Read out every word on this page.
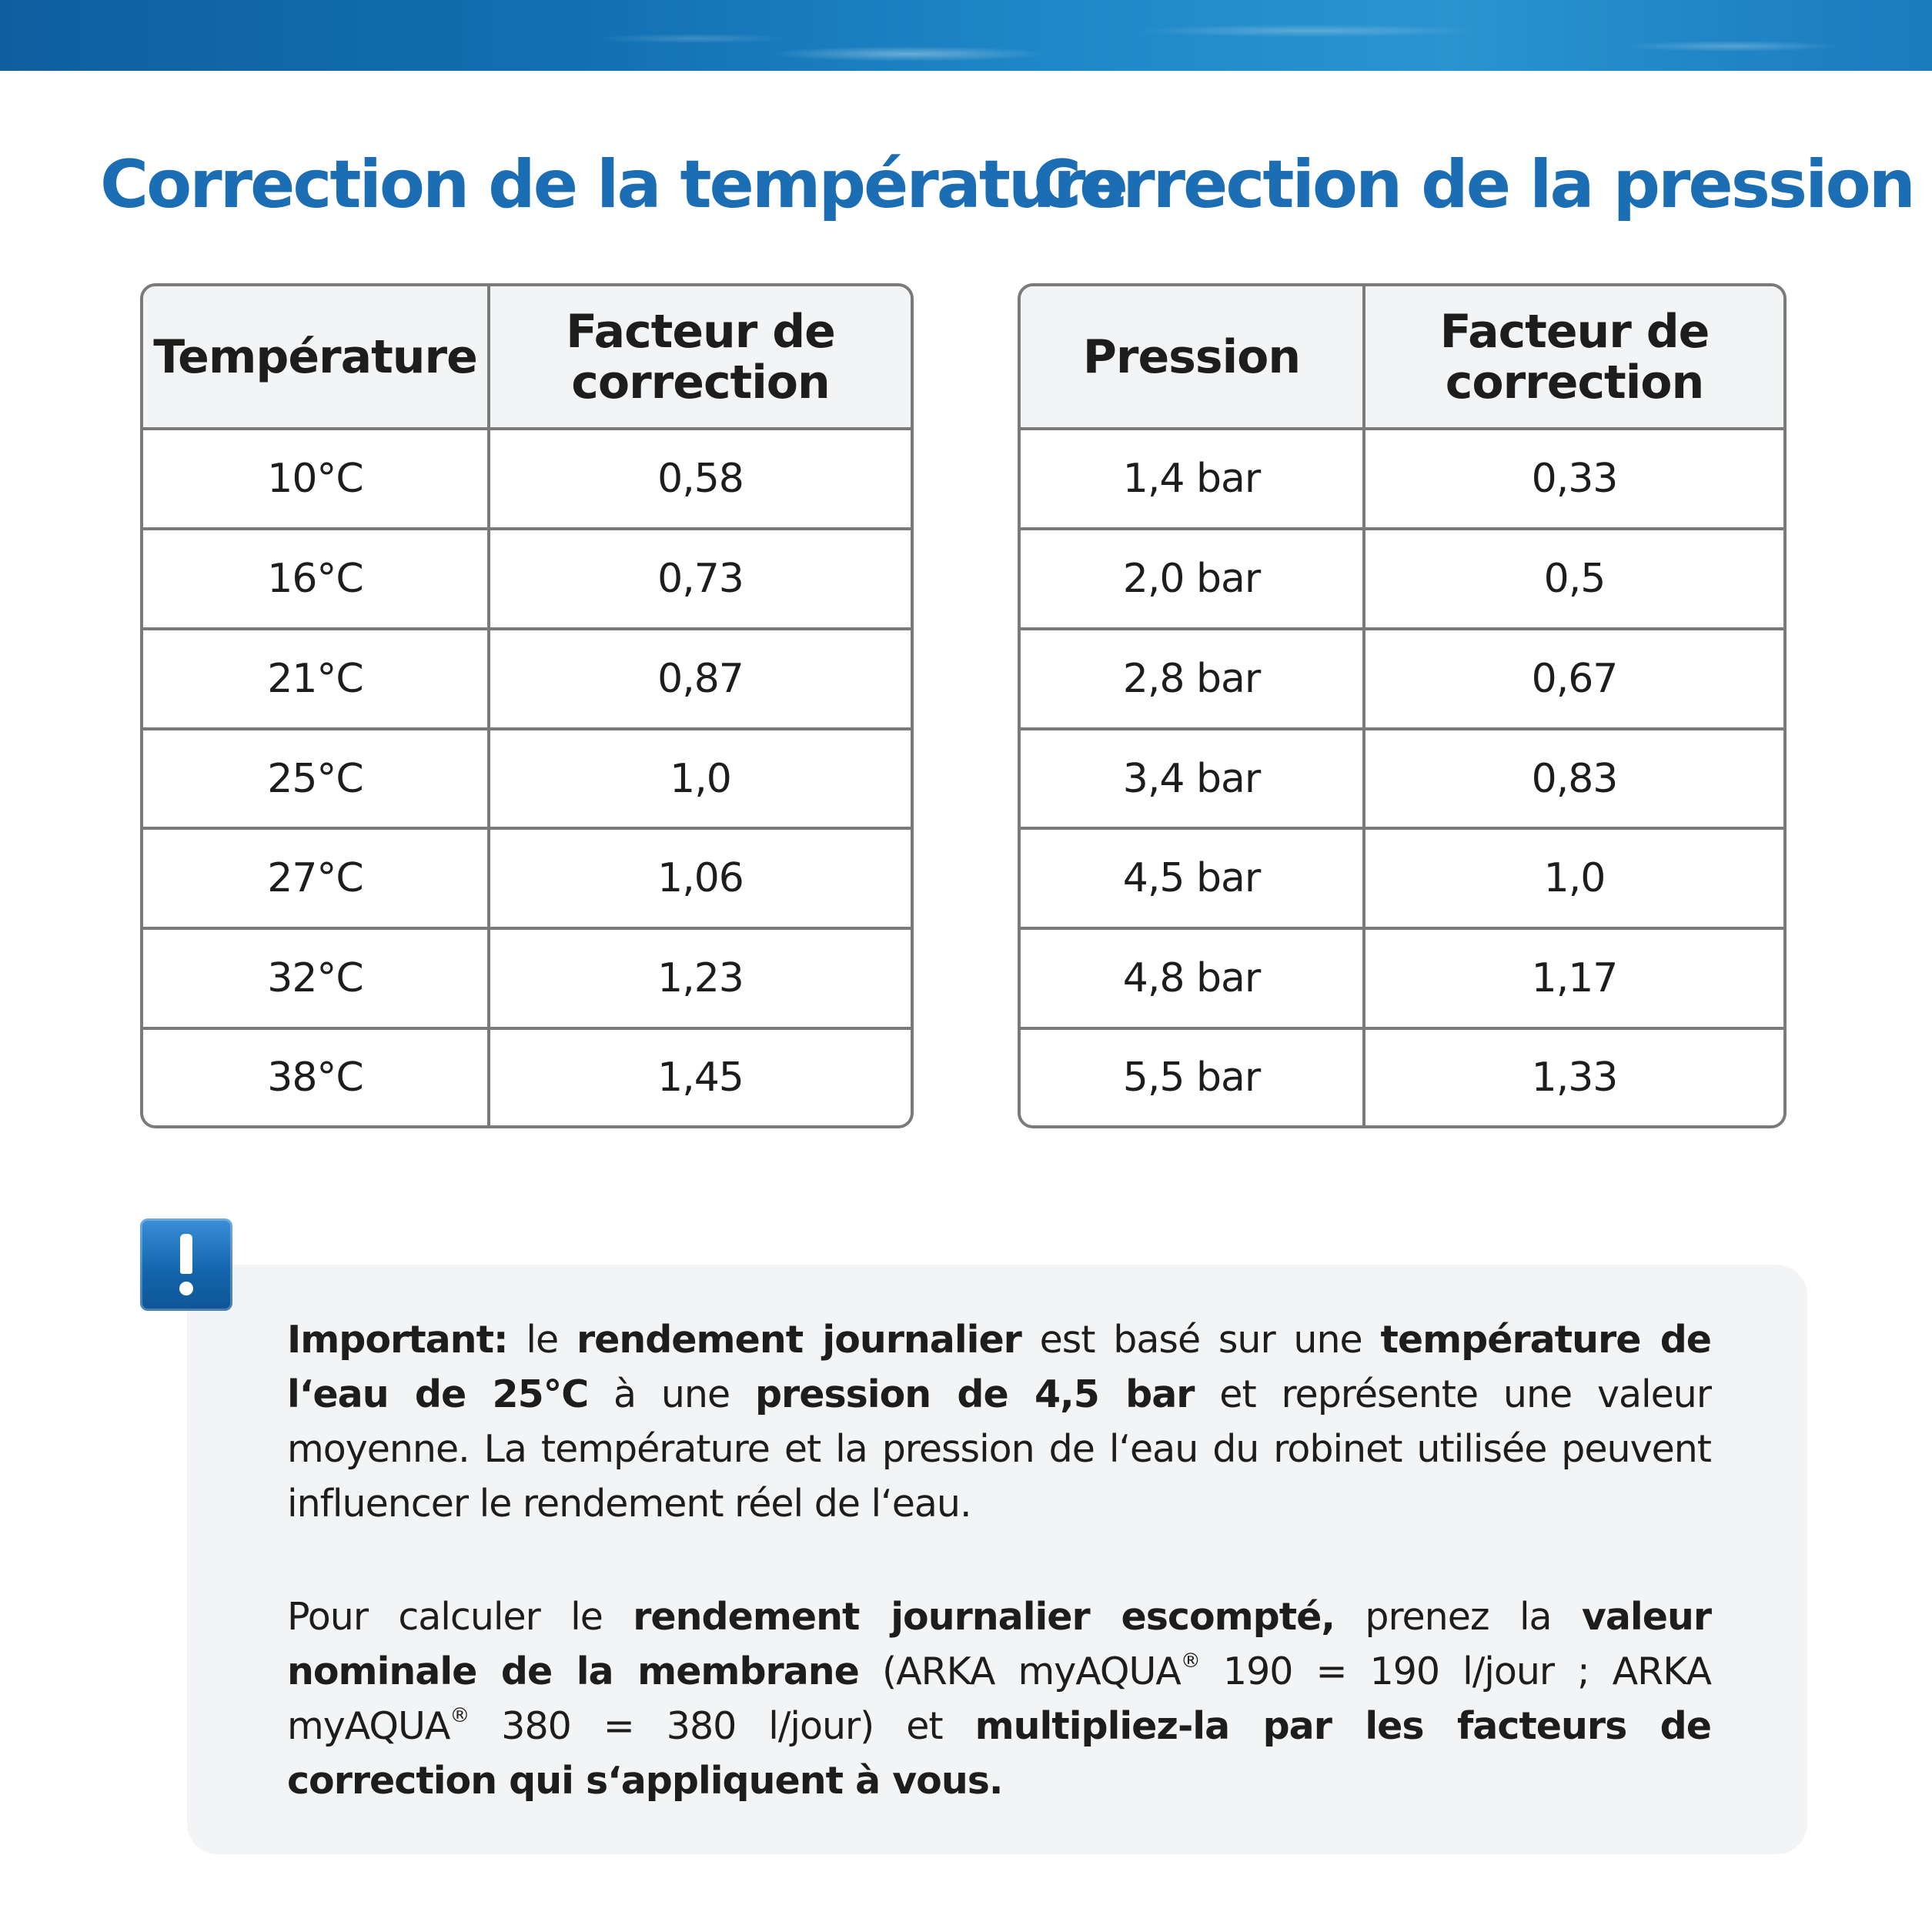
Correction de la température
Correction de la pression
Température	Facteur de
correction

10°C	0,58
16°C	0,73
21°C	0,87
25°C	1,0
27°C	1,06
32°C	1,23
38°C	1,45
Pression	Facteur de
correction

1,4 bar	0,33
2,0 bar	0,5
2,8 bar	0,67
3,4 bar	0,83
4,5 bar	1,0
4,8 bar	1,17
5,5 bar	1,33

Important: le rendement journalier est basé sur une température de l‘eau de 25°C à une pression de 4,5 bar et représente une valeur moyenne. La température et la pression de l‘eau du robinet utilisée peuvent influencer le rendement réel de l‘eau.

Pour calculer le rendement journalier escompté, prenez la valeur nominale de la membrane (ARKA myAQUA® 190 = 190 l/jour ; ARKA myAQUA® 380 = 380 l/jour) et multipliez-la par les facteurs de correction qui s‘appliquent à vous.
